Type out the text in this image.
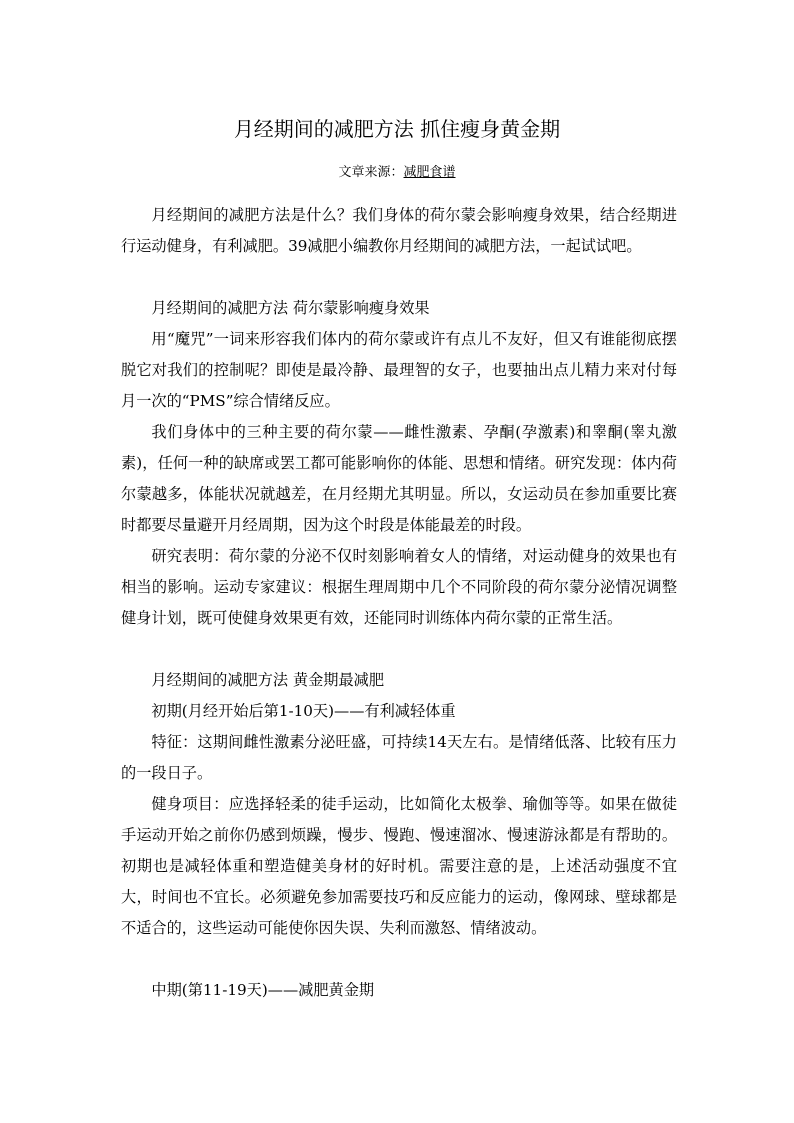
月经期间的减肥方法 抓住瘦身黄金期
文章来源：减肥食谱

月经期间的减肥方法是什么？我们身体的荷尔蒙会影响瘦身效果，结合经期进行运动健身，有利减肥。39减肥小编教你月经期间的减肥方法，一起试试吧。

月经期间的减肥方法 荷尔蒙影响瘦身效果

用“魔咒”一词来形容我们体内的荷尔蒙或许有点儿不友好，但又有谁能彻底摆脱它对我们的控制呢？即使是最冷静、最理智的女子，也要抽出点儿精力来对付每月一次的“PMS”综合情绪反应。

我们身体中的三种主要的荷尔蒙——雌性激素、孕酮(孕激素)和睾酮(睾丸激素)，任何一种的缺席或罢工都可能影响你的体能、思想和情绪。研究发现：体内荷尔蒙越多，体能状况就越差，在月经期尤其明显。所以，女运动员在参加重要比赛时都要尽量避开月经周期，因为这个时段是体能最差的时段。

研究表明：荷尔蒙的分泌不仅时刻影响着女人的情绪，对运动健身的效果也有相当的影响。运动专家建议：根据生理周期中几个不同阶段的荷尔蒙分泌情况调整健身计划，既可使健身效果更有效，还能同时训练体内荷尔蒙的正常生活。

月经期间的减肥方法 黄金期最减肥

初期(月经开始后第1-10天)——有利减轻体重

特征：这期间雌性激素分泌旺盛，可持续14天左右。是情绪低落、比较有压力的一段日子。

健身项目：应选择轻柔的徒手运动，比如简化太极拳、瑜伽等等。如果在做徒手运动开始之前你仍感到烦躁，慢步、慢跑、慢速溜冰、慢速游泳都是有帮助的。初期也是减轻体重和塑造健美身材的好时机。需要注意的是，上述活动强度不宜大，时间也不宜长。必须避免参加需要技巧和反应能力的运动，像网球、壁球都是不适合的，这些运动可能使你因失误、失利而激怒、情绪波动。

中期(第11-19天)——减肥黄金期
